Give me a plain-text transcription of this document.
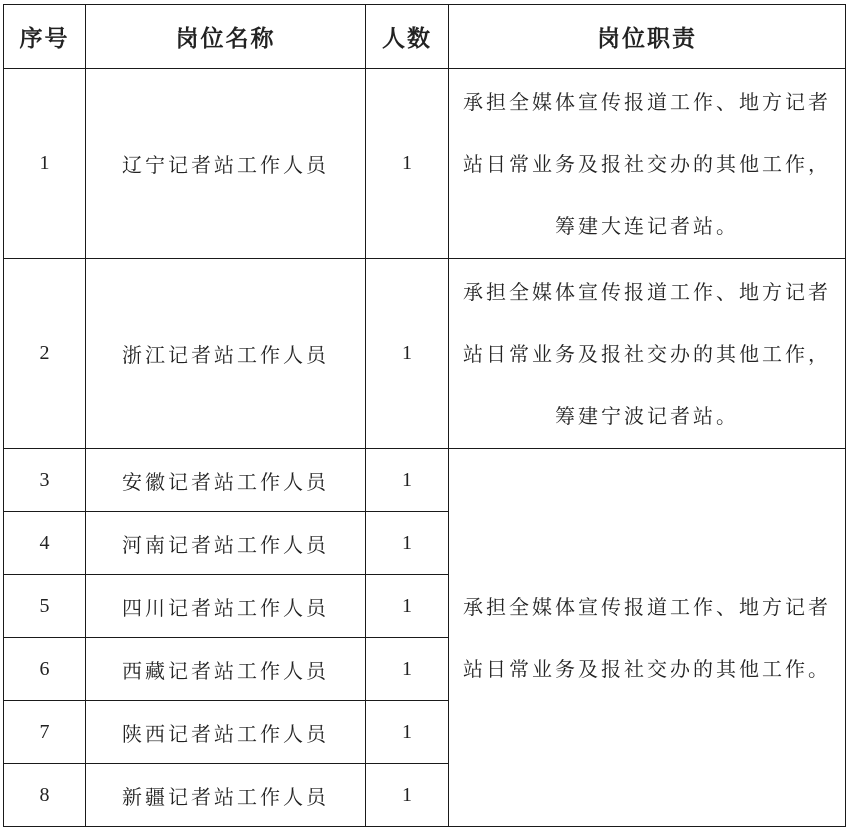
序号	岗位名称	人数	岗位职责
1	辽宁记者站工作人员	1	承担全媒体宣传报道工作、地方记者
站日常业务及报社交办的其他工作，
筹建大连记者站。

2	浙江记者站工作人员	1	承担全媒体宣传报道工作、地方记者
站日常业务及报社交办的其他工作，
筹建宁波记者站。

3	安徽记者站工作人员	1	承担全媒体宣传报道工作、地方记者
站日常业务及报社交办的其他工作。

4	河南记者站工作人员	1	
5	四川记者站工作人员	1	
6	西藏记者站工作人员	1	
7	陕西记者站工作人员	1	
8	新疆记者站工作人员	1	
